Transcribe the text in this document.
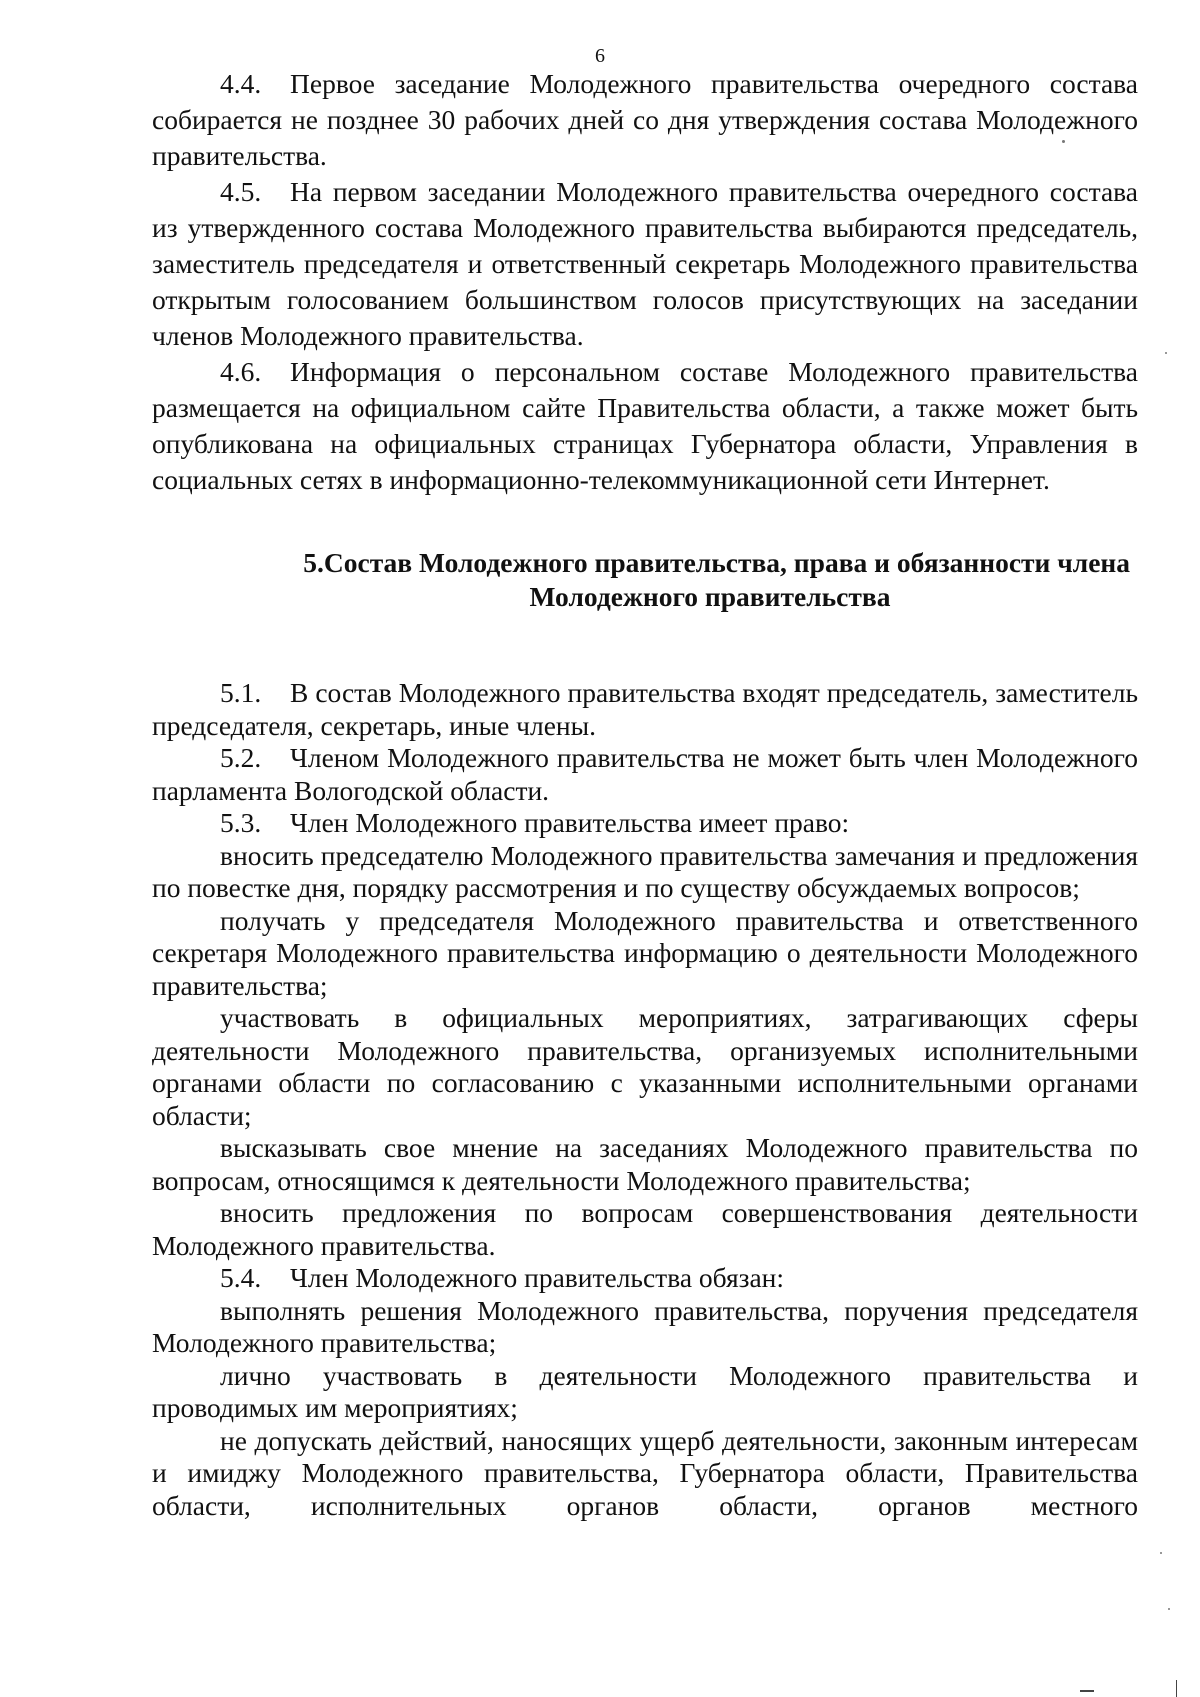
6

4.4. Первое заседание Молодежного правительства очередного состава собирается не позднее 30 рабочих дней со дня утверждения состава Молодежного правительства.

4.5. На первом заседании Молодежного правительства очередного состава из утвержденного состава Молодежного правительства выбираются председатель, заместитель председателя и ответственный секретарь Молодежного правительства открытым голосованием большинством голосов присутствующих на заседании членов Молодежного правительства.

4.6. Информация о персональном составе Молодежного правительства размещается на официальном сайте Правительства области, а также может быть опубликована на официальных страницах Губернатора области, Управления в социальных сетях в информационно-телекоммуникационной сети Интернет.

5.Состав Молодежного правительства, права и обязанности члена
Молодежного правительства

5.1. В состав Молодежного правительства входят председатель, заместитель председателя, секретарь, иные члены.

5.2. Членом Молодежного правительства не может быть член Молодежного парламента Вологодской области.

5.3. Член Молодежного правительства имеет право:

вносить председателю Молодежного правительства замечания и предложения по повестке дня, порядку рассмотрения и по существу обсуждаемых вопросов;

получать у председателя Молодежного правительства и ответственного секретаря Молодежного правительства информацию о деятельности Молодежного правительства;

участвовать в официальных мероприятиях, затрагивающих сферы деятельности Молодежного правительства, организуемых исполнительными органами области по согласованию с указанными исполнительными органами области;

высказывать свое мнение на заседаниях Молодежного правительства по вопросам, относящимся к деятельности Молодежного правительства;

вносить предложения по вопросам совершенствования деятельности Молодежного правительства.

5.4. Член Молодежного правительства обязан:

выполнять решения Молодежного правительства, поручения председателя Молодежного правительства;

лично участвовать в деятельности Молодежного правительства и проводимых им мероприятиях;

не допускать действий, наносящих ущерб деятельности, законным интересам и имиджу Молодежного правительства, Губернатора области, Правительства области, исполнительных органов области, органов местного
